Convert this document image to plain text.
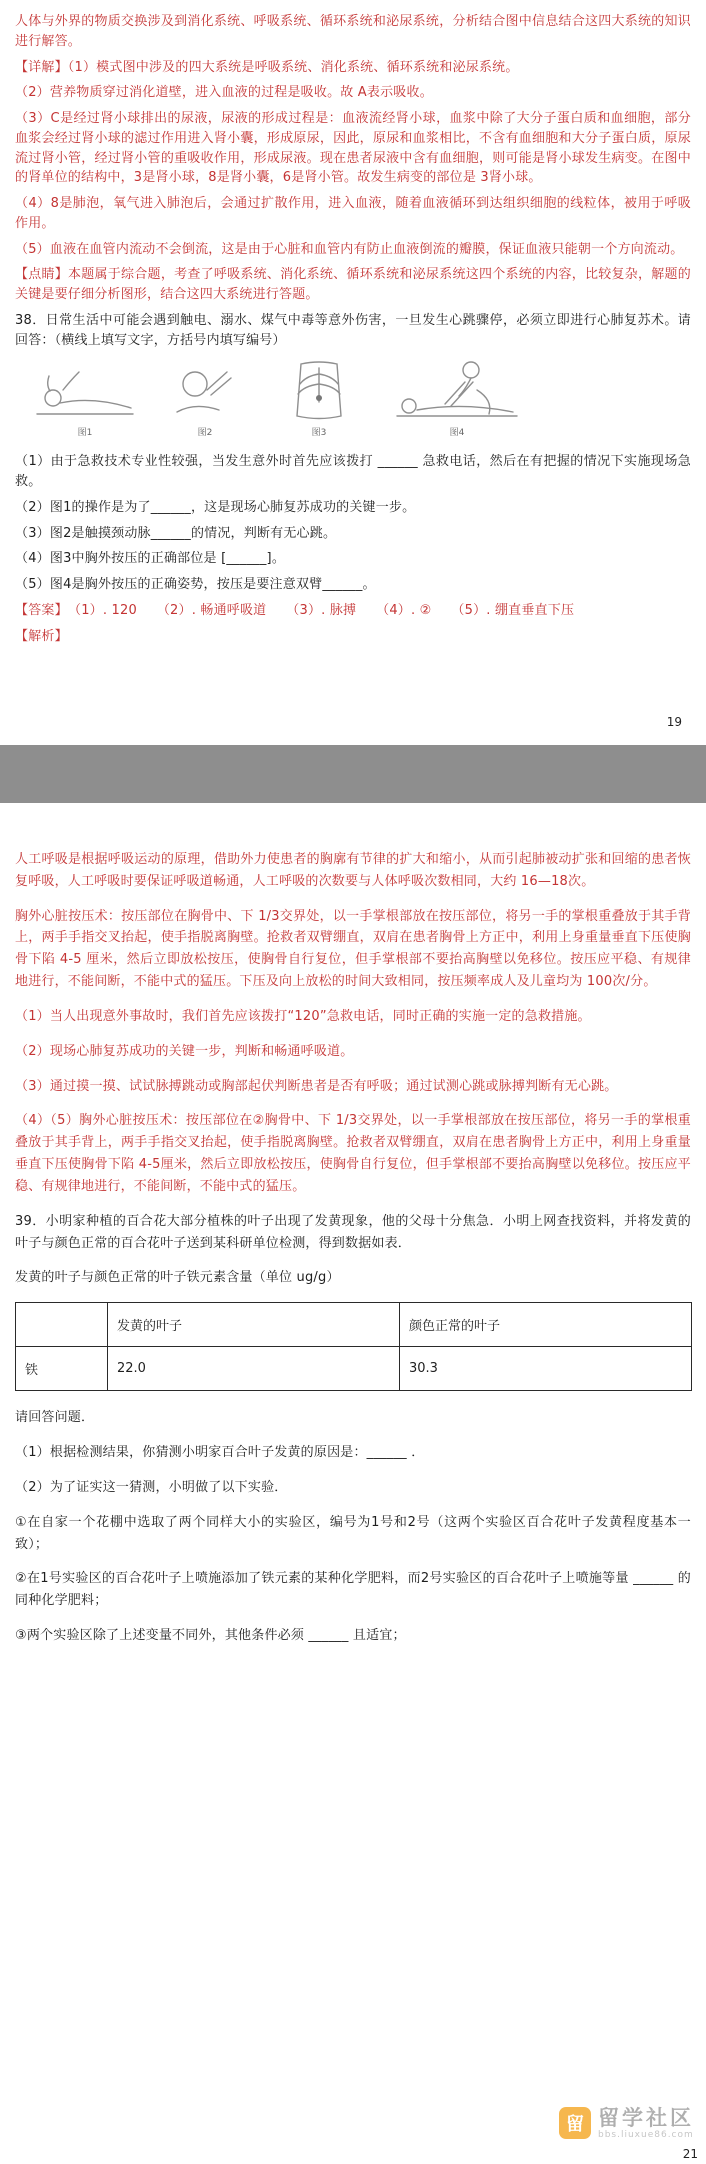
人体与外界的物质交换涉及到消化系统、呼吸系统、循环系统和泌尿系统，分析结合图中信息结合这四大系统的知识进行解答。

【详解】（1）模式图中涉及的四大系统是呼吸系统、消化系统、循环系统和泌尿系统。

（2）营养物质穿过消化道壁，进入血液的过程是吸收。故 A表示吸收。

（3）C是经过肾小球排出的尿液，尿液的形成过程是：血液流经肾小球，血浆中除了大分子蛋白质和血细胞，部分血浆会经过肾小球的滤过作用进入肾小囊，形成原尿，因此，原尿和血浆相比，不含有血细胞和大分子蛋白质，原尿流过肾小管，经过肾小管的重吸收作用，形成尿液。现在患者尿液中含有血细胞，则可能是肾小球发生病变。在图中的肾单位的结构中，3是肾小球，8是肾小囊，6是肾小管。故发生病变的部位是 3肾小球。

（4）8是肺泡，氧气进入肺泡后，会通过扩散作用，进入血液，随着血液循环到达组织细胞的线粒体，被用于呼吸作用。

（5）血液在血管内流动不会倒流，这是由于心脏和血管内有防止血液倒流的瓣膜，保证血液只能朝一个方向流动。

【点睛】本题属于综合题，考查了呼吸系统、消化系统、循环系统和泌尿系统这四个系统的内容，比较复杂，解题的关键是要仔细分析图形，结合这四大系统进行答题。

38．日常生活中可能会遇到触电、溺水、煤气中毒等意外伤害，一旦发生心跳骤停，必须立即进行心肺复苏术。请回答：（横线上填写文字，方括号内填写编号）

图1	图2	图3	图4

（1）由于急救技术专业性较强，当发生意外时首先应该拨打 ______ 急救电话，然后在有把握的情况下实施现场急救。

（2）图1的操作是为了______，这是现场心肺复苏成功的关键一步。

（3）图2是触摸颈动脉______的情况，判断有无心跳。

（4）图3中胸外按压的正确部位是 [______]。

（5）图4是胸外按压的正确姿势，按压是要注意双臂______。

【答案】　（1）. 120　　（2）. 畅通呼吸道　　（3）. 脉搏　　（4）. ②　　（5）. 绷直垂直下压

【解析】

19

人工呼吸是根据呼吸运动的原理，借助外力使患者的胸廓有节律的扩大和缩小，从而引起肺被动扩张和回缩的患者恢复呼吸，人工呼吸时要保证呼吸道畅通，人工呼吸的次数要与人体呼吸次数相同，大约 16—18次。

胸外心脏按压术：按压部位在胸骨中、下 1/3交界处，以一手掌根部放在按压部位，将另一手的掌根重叠放于其手背上，两手手指交叉抬起，使手指脱离胸壁。抢救者双臂绷直，双肩在患者胸骨上方正中，利用上身重量垂直下压使胸骨下陷 4-5 厘米，然后立即放松按压，使胸骨自行复位，但手掌根部不要抬高胸壁以免移位。按压应平稳、有规律地进行，不能间断，不能中式的猛压。下压及向上放松的时间大致相同，按压频率成人及儿童均为 100次/分。

（1）当人出现意外事故时，我们首先应该拨打“120”急救电话，同时正确的实施一定的急救措施。

（2）现场心肺复苏成功的关键一步，判断和畅通呼吸道。

（3）通过摸一摸、试试脉搏跳动或胸部起伏判断患者是否有呼吸；通过试测心跳或脉搏判断有无心跳。

（4）（5）胸外心脏按压术：按压部位在②胸骨中、下 1/3交界处，以一手掌根部放在按压部位，将另一手的掌根重叠放于其手背上，两手手指交叉抬起，使手指脱离胸壁。抢救者双臂绷直，双肩在患者胸骨上方正中，利用上身重量垂直下压使胸骨下陷 4-5厘米，然后立即放松按压，使胸骨自行复位，但手掌根部不要抬高胸壁以免移位。按压应平稳、有规律地进行，不能间断，不能中式的猛压。

39．小明家种植的百合花大部分植株的叶子出现了发黄现象，他的父母十分焦急．小明上网查找资料，并将发黄的叶子与颜色正常的百合花叶子送到某科研单位检测，得到数据如表．

发黄的叶子与颜色正常的叶子铁元素含量（单位 ug/g）

	发黄的叶子	颜色正常的叶子
铁	22.0	30.3

请回答问题．

（1）根据检测结果，你猜测小明家百合叶子发黄的原因是：______ ．

（2）为了证实这一猜测，小明做了以下实验．

①在自家一个花棚中选取了两个同样大小的实验区，编号为1号和2号（这两个实验区百合花叶子发黄程度基本一致）；

②在1号实验区的百合花叶子上喷施添加了铁元素的某种化学肥料，而2号实验区的百合花叶子上喷施等量 ______ 的同种化学肥料；

③两个实验区除了上述变量不同外，其他条件必须 ______ 且适宜；

留 留学社区
bbs.liuxue86.com
21
